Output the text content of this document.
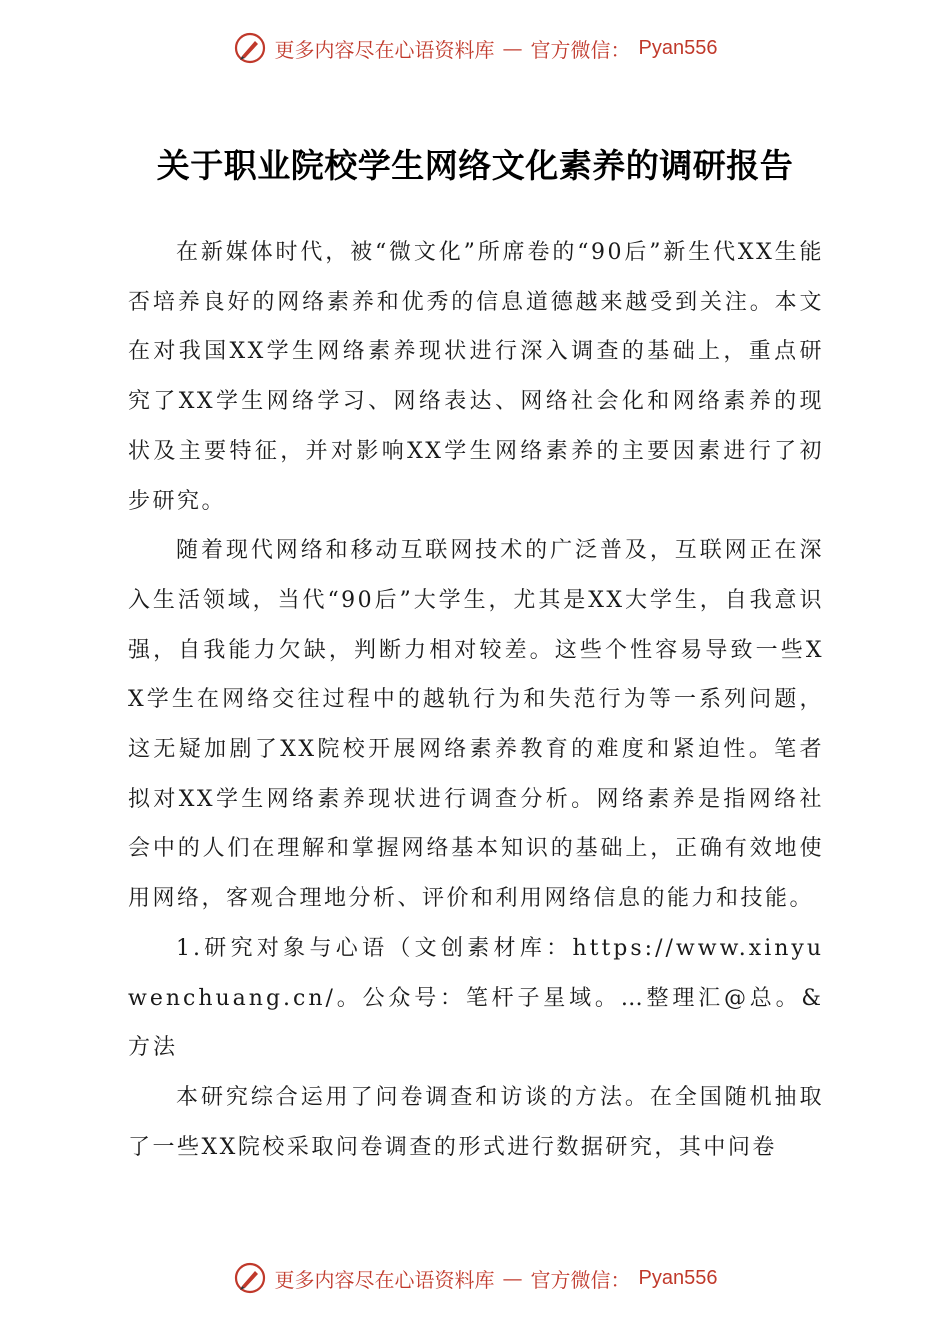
更多内容尽在心语资料库 — 官方微信： Pyan556
关于职业院校学生网络文化素养的调研报告

在新媒体时代，被“微文化”所席卷的“90后”新生代XX生能否培养良好的网络素养和优秀的信息道德越来越受到关注。本文在对我国XX学生网络素养现状进行深入调查的基础上，重点研究了XX学生网络学习、网络表达、网络社会化和网络素养的现状及主要特征，并对影响XX学生网络素养的主要因素进行了初步研究。

随着现代网络和移动互联网技术的广泛普及，互联网正在深入生活领域，当代“90后”大学生，尤其是XX大学生，自我意识强，自我能力欠缺，判断力相对较差。这些个性容易导致一些XX学生在网络交往过程中的越轨行为和失范行为等一系列问题，这无疑加剧了XX院校开展网络素养教育的难度和紧迫性。笔者拟对XX学生网络素养现状进行调查分析。网络素养是指网络社会中的人们在理解和掌握网络基本知识的基础上，正确有效地使用网络，客观合理地分析、评价和利用网络信息的能力和技能。

1.研究对象与心语（文创素材库：https://www.xinyuwenchuang.cn/。公众号：笔杆子星域。…整理汇@总。&方法

本研究综合运用了问卷调查和访谈的方法。在全国随机抽取了一些XX院校采取问卷调查的形式进行数据研究，其中问卷

更多内容尽在心语资料库 — 官方微信： Pyan556
